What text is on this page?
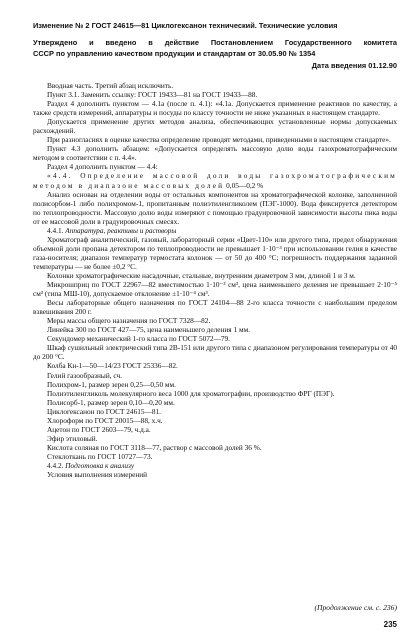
Изменение № 2 ГОСТ 24615—81 Циклогексанон технический. Технические условия

Утверждено и введено в действие Постановлением Государственного комитета

СССР по управлению качеством продукции и стандартам от 30.05.90 № 1354

Дата введения 01.12.90

Вводная часть. Третий абзац исключить.

Пункт 3.1. Заменить ссылку: ГОСТ 19433—81 на ГОСТ 19433—88.

Раздел 4 дополнить пунктом — 4.1а (после п. 4.1): «4.1а. Допускается применение реактивов по качеству, а также средств измерений, аппаратуры и посуды по классу точности не ниже указанных в настоящем стандарте.

Допускается применение других методов анализа, обеспечивающих установленные нормы допускаемых расхождений.

При разногласиях в оценке качества определение проводят методами, приведенными в настоящем стандарте».

Пункт 4.3 дополнить абзацем: «Допускается определять массовую долю воды газохроматографическим методом в соответствии с п. 4.4».

Раздел 4 дополнить пунктом — 4.4:

«4.4. Определение массовой доли воды газохроматографическим методом в диапазоне массовых долей 0,05—0,2 %

Анализ основан на отделении воды от остальных компонентов на хроматографической колонке, заполненной полисорбом-1 либо полихромом-1, пропитанным полиэтиленгликолем (ПЭГ-1000). Вода фиксируется детектором по теплопроводности. Массовую долю воды измеряют с помощью градуировочной зависимости высоты пика воды от ее массовой доли в градуировочных смесях.

4.4.1. Аппаратура, реактивы и растворы

Хроматограф аналитический, газовый, лабораторный серии «Цвет-110» или другого типа, предел обнаружения объемной доли пропана детектором по теплопроводности не превышает 1·10⁻³ при использовании гелия в качестве газа-носителя; диапазон температур термостата колонок — от 50 до 400 °С; погрешность поддержания заданной температуры — не более ±0,2 °С.

Колонки хроматографические насадочные, стальные, внутренним диаметром 3 мм, длиной 1 и 3 м.

Микрошприц по ГОСТ 22967—82 вместимостью 1·10⁻³ см³, цена наименьшего деления не превышает 2·10⁻⁵ см³ (типа МШ-10), допускаемое отклонение ±1·10⁻⁴ см³.

Весы лабораторные общего назначения по ГОСТ 24104—88 2-го класса точности с наибольшим пределом взвешивания 200 г.

Меры массы общего назначения по ГОСТ 7328—82.

Линейка 300 по ГОСТ 427—75, цена наименьшего деления 1 мм.

Секундомер механический 1-го класса по ГОСТ 5072—79.

Шкаф сушильный электрический типа 2В-151 или другого типа с диапазоном регулирования температуры от 40 до 200 °С.

Колба Кн-1—50—14/23 ГОСТ 25336—82.

Гелий газообразный, сч.

Полихром-1, размер зерен 0,25—0,50 мм.

Полиэтиленгликоль молекулярного веса 1000 для хроматографии, производство ФРГ (ПЭГ).

Полисорб-1, размер зерен 0,10—0,20 мм.

Циклогексанон по ГОСТ 24615—81.

Хлороформ по ГОСТ 20015—88, х.ч.

Ацетон по ГОСТ 2603—79, ч.д.а.

Эфир этиловый.

Кислота соляная по ГОСТ 3118—77, раствор с массовой долей 36 %.

Стеклоткань по ГОСТ 10727—73.

4.4.2. Подготовка к анализу

Условия выполнения измерений

(Продолжение см. с. 236)
235
